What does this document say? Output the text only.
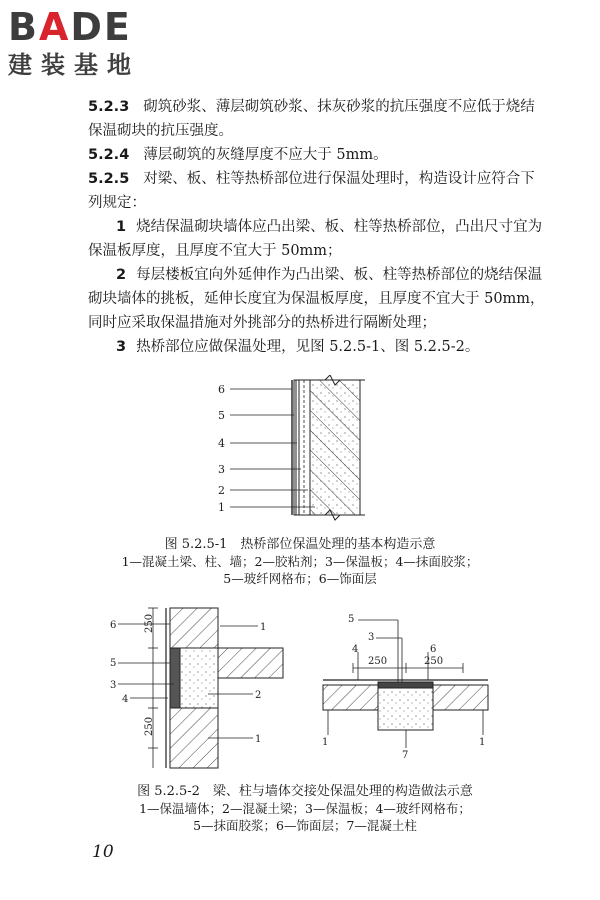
BADE
建装基地

5.2.3 砌筑砂浆、薄层砌筑砂浆、抹灰砂浆的抗压强度不应低于烧结保温砌块的抗压强度。

5.2.4 薄层砌筑的灰缝厚度不应大于 5mm。

5.2.5 对梁、板、柱等热桥部位进行保温处理时，构造设计应符合下列规定：

1 烧结保温砌块墙体应凸出梁、板、柱等热桥部位，凸出尺寸宜为保温板厚度，且厚度不宜大于 50mm；

2 每层楼板宜向外延伸作为凸出梁、板、柱等热桥部位的烧结保温砌块墙体的挑板，延伸长度宜为保温板厚度，且厚度不宜大于 50mm，同时应采取保温措施对外挑部分的热桥进行隔断处理；

3 热桥部位应做保温处理，见图 5.2.5-1、图 5.2.5-2。

6
5
4
3
2
1
图 5.2.5-1　热桥部位保温处理的基本构造示意
1—混凝土梁、柱、墙；2—胶粘剂；3—保温板；4—抹面胶浆；
5—玻纤网格布；6—饰面层
6
5
3
4
1
2
1
250
250
5
3
4	6
1	1
7
250	250
图 5.2.5-2　梁、柱与墙体交接处保温处理的构造做法示意
1—保温墙体；2—混凝土梁；3—保温板；4—玻纤网格布；
5—抹面胶浆；6—饰面层；7—混凝土柱
10
